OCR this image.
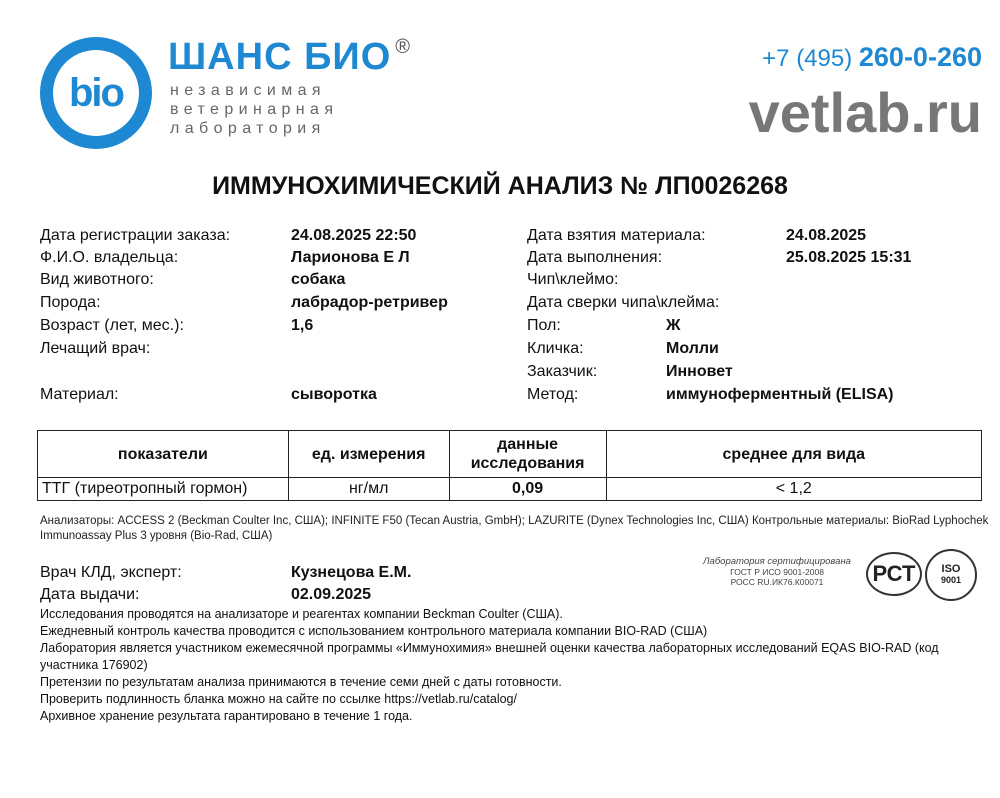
bio
ШАНС БИО ®
независимая
ветеринарная
лаборатория
+7 (495) 260-0-260
vetlab.ru
ИММУНОХИМИЧЕСКИЙ АНАЛИЗ № ЛП0026268
Дата регистрации заказа:	24.08.2025 22:50
Ф.И.О. владельца:	Ларионова Е Л
Вид животного:	собака
Порода:	лабрадор-ретривер
Возраст (лет, мес.):	1,6
Лечащий врач:
Материал:	сыворотка
Дата взятия материала:	24.08.2025
Дата выполнения:	25.08.2025 15:31
Чип\клеймо:
Дата сверки чипа\клейма:
Пол:	Ж
Кличка:	Молли
Заказчик:	Инновет
Метод:	иммуноферментный (ELISA)
показатели	ед. измерения	данные исследования	среднее для вида
ТТГ (тиреотропный гормон)	нг/мл	0,09	< 1,2
Анализаторы: ACCESS 2 (Beckman Coulter Inc, США); INFINITE F50 (Tecan Austria, GmbH); LAZURITE (Dynex Technologies Inc, США) Контрольные материалы: BioRad Lyphochek Immunoassay Plus 3 уровня (Bio-Rad, США)
Врач КЛД, эксперт:	Кузнецова Е.М.
Дата выдачи:	02.09.2025
Лаборатория сертифицирована
ГОСТ Р ИСО 9001-2008
РОСС RU.ИК76.К00071	РСТ	ISO
9001
Исследования проводятся на анализаторе и реагентах компании Beckman Coulter (США).
Ежедневный контроль качества проводится с использованием контрольного материала компании BIO-RAD (США)
Лаборатория является участником ежемесячной программы «Иммунохимия» внешней оценки качества лабораторных исследований EQAS BIO-RAD (код участника 176902)
Претензии по результатам анализа принимаются в течение семи дней с даты готовности.
Проверить подлинность бланка можно на сайте по ссылке https://vetlab.ru/catalog/
Архивное хранение результата гарантировано в течение 1 года.
